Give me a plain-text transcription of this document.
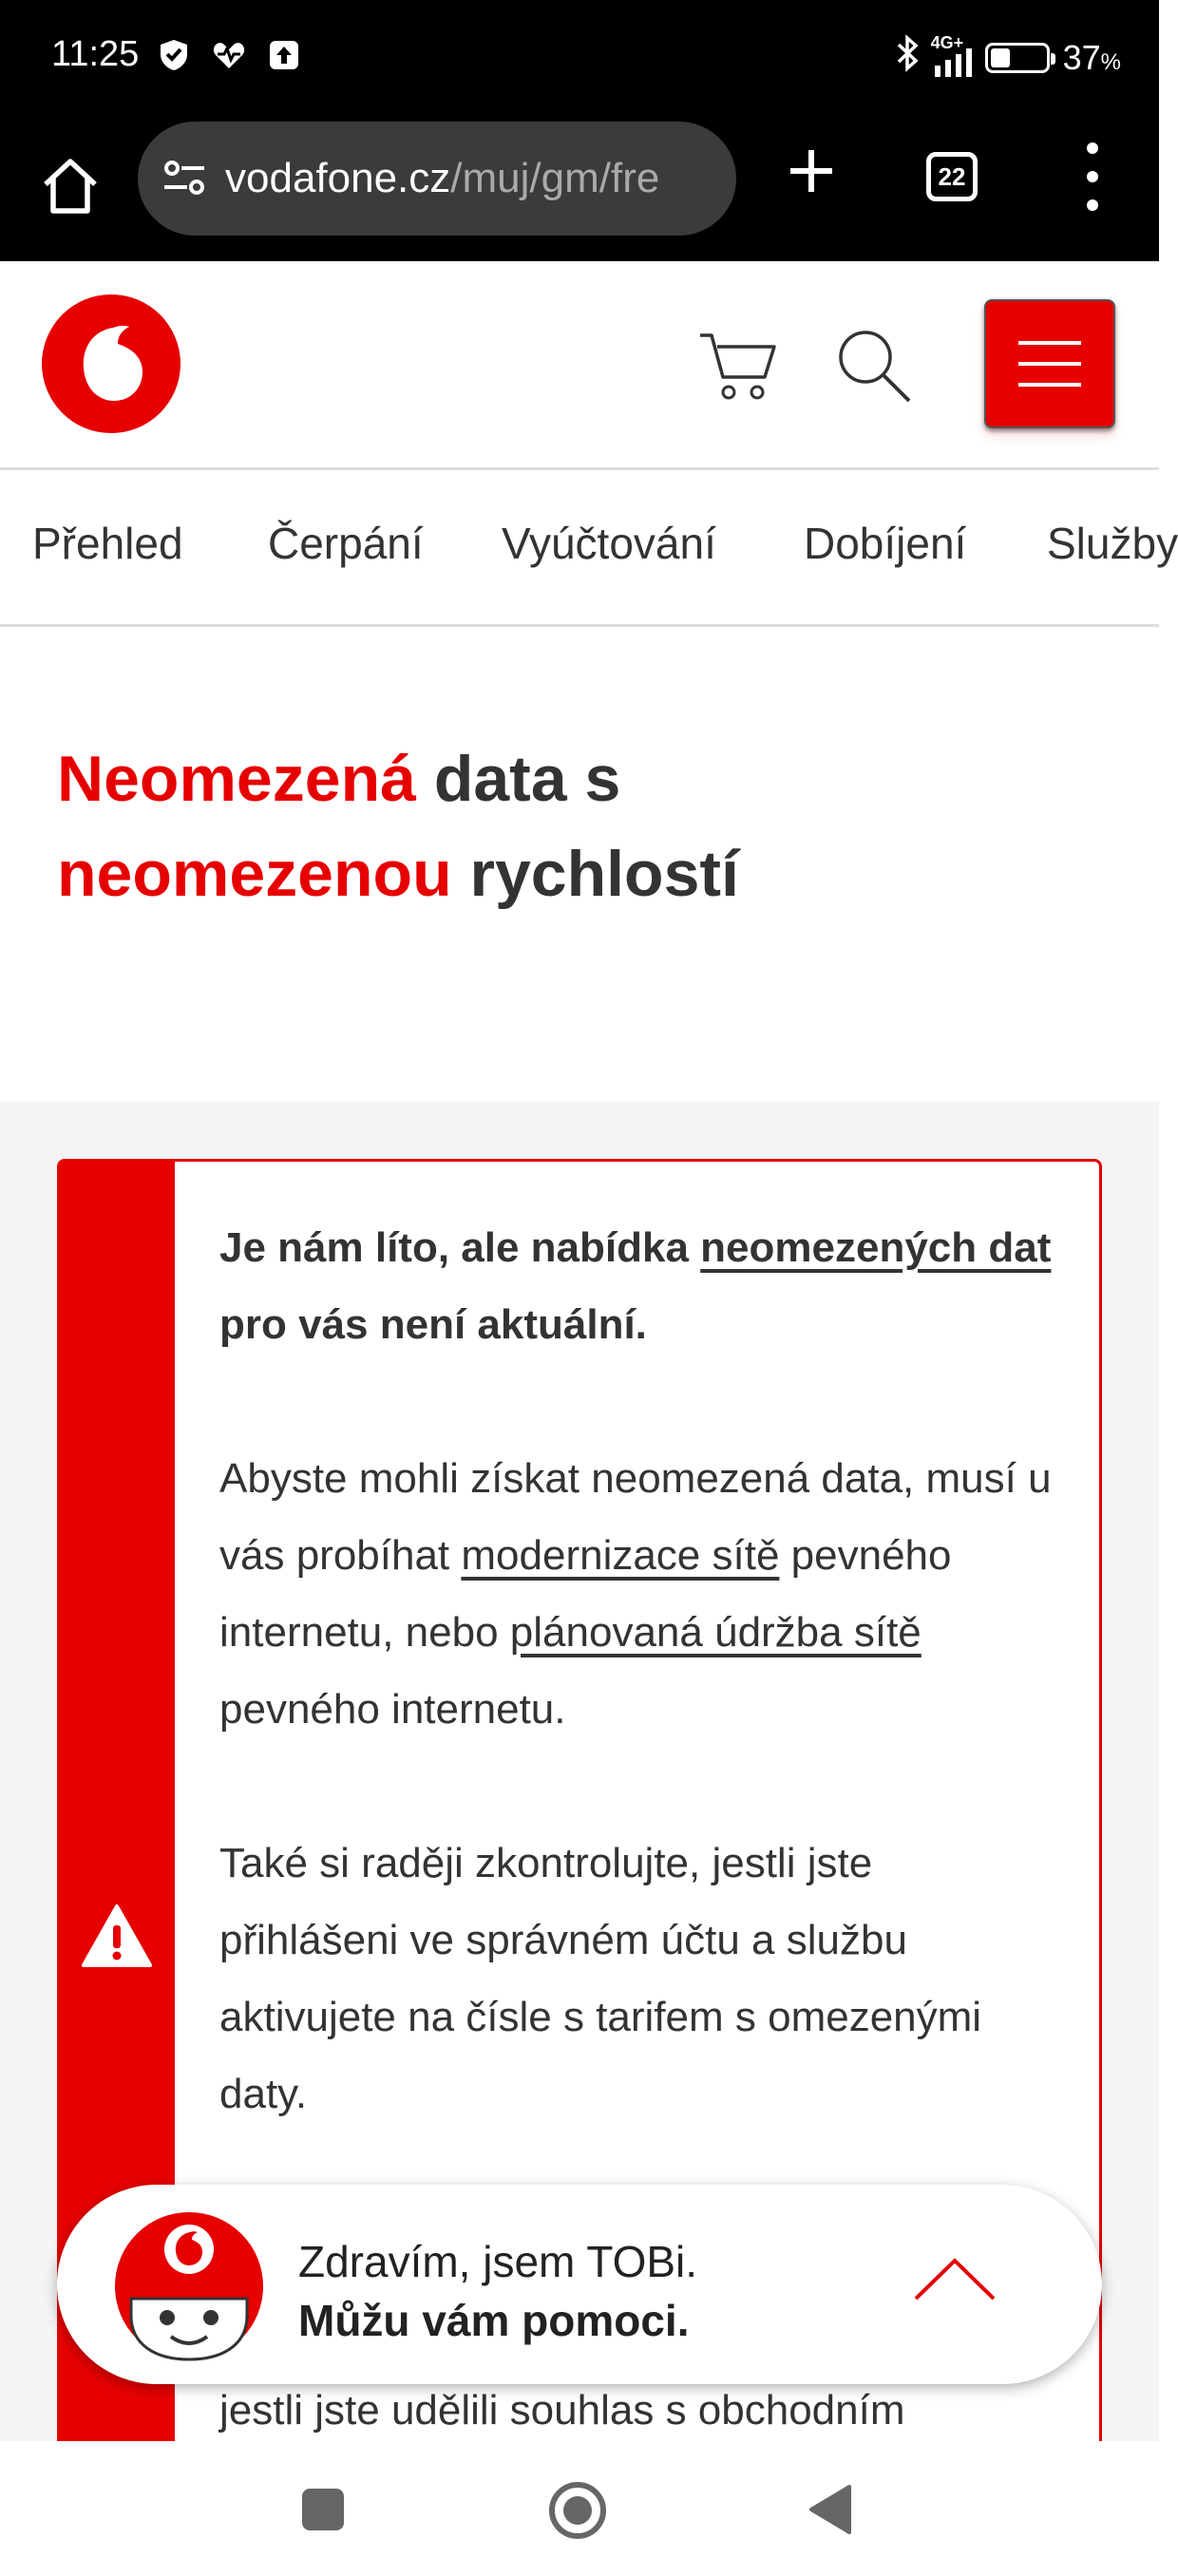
11:25	4G+	37%
vodafone.cz/muj/gm/fre	22
Přehled Čerpání Vyúčtování Dobíjení Služby
Neomezená data s
neomezenou rychlostí

Je nám líto, ale nabídka neomezených dat pro vás není aktuální.

Abyste mohli získat neomezená data, musí u vás probíhat modernizace sítě pevného internetu, nebo plánovaná údržba sítě pevného internetu.

Také si raději zkontrolujte, jestli jste přihlášeni ve správném účtu a službu aktivujete na čísle s tarifem s omezenými daty.

jestli jste udělili souhlas s obchodním

Zdravím, jsem TOBi.
Můžu vám pomoci.
